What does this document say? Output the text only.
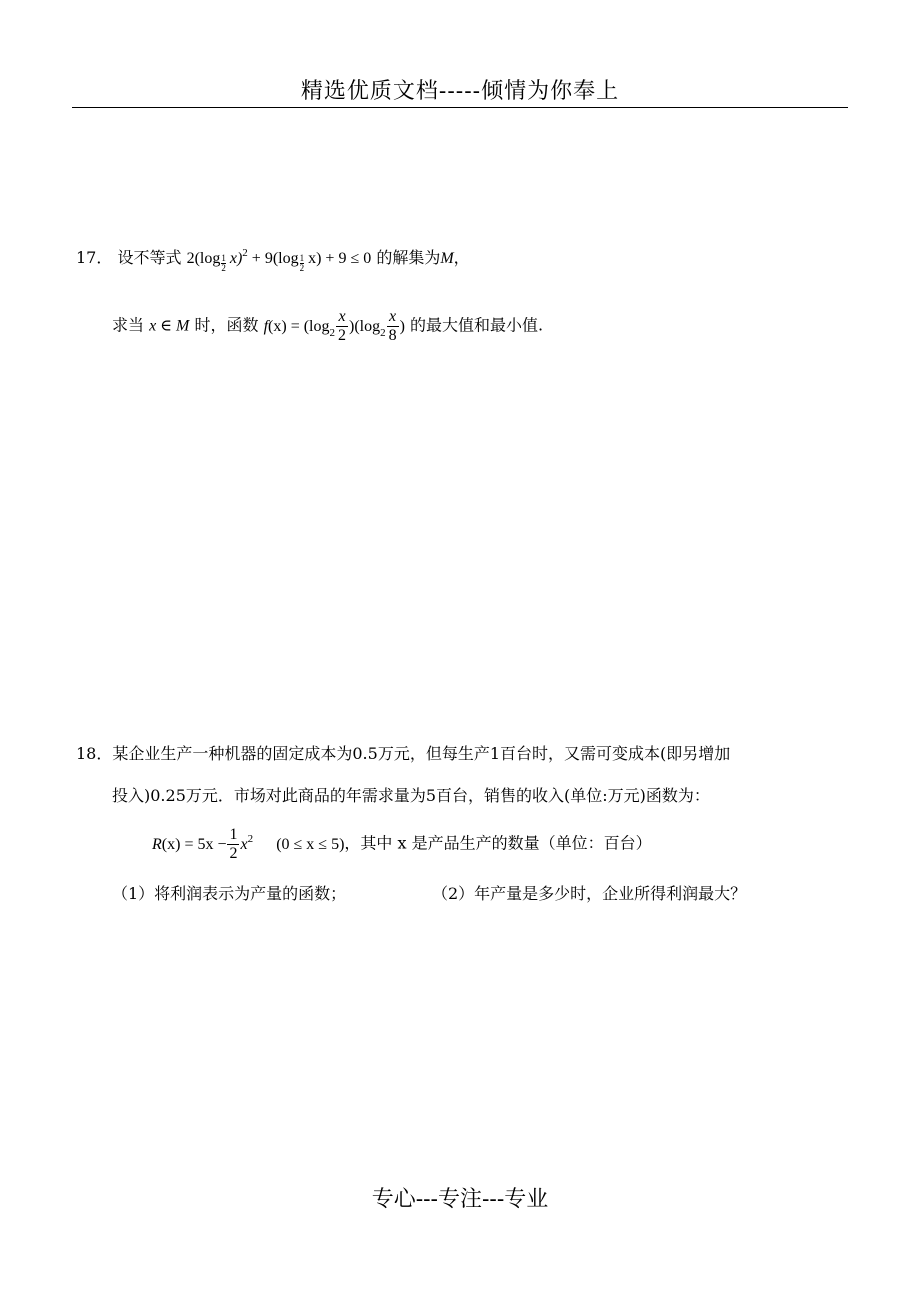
精选优质文档-----倾情为你奉上
17． 设不等式 $2(\log \frac{1}{2} x)^2 + 9(\log \frac{1}{2} x) + 9 \le 0$ 的解集为M，
求当 x ∈ M 时，函数 $f(x) = (\log_2 \frac{x}{2} )(\log_2 \frac{x}{8}$ ) 的最大值和最小值.
18．某企业生产一种机器的固定成本为0.5万元，但每生产1百台时，又需可变成本(即另增加
投入)0.25万元．市场对此商品的年需求量为5百台，销售的收入(单位:万元)函数为：
$R(x) = 5x - \frac{1}{2} x^2$ (0 ≤ x ≤ 5)，其中 x 是产品生产的数量（单位：百台）
（1）将利润表示为产量的函数；	（2）年产量是多少时，企业所得利润最大？
专心---专注---专业
